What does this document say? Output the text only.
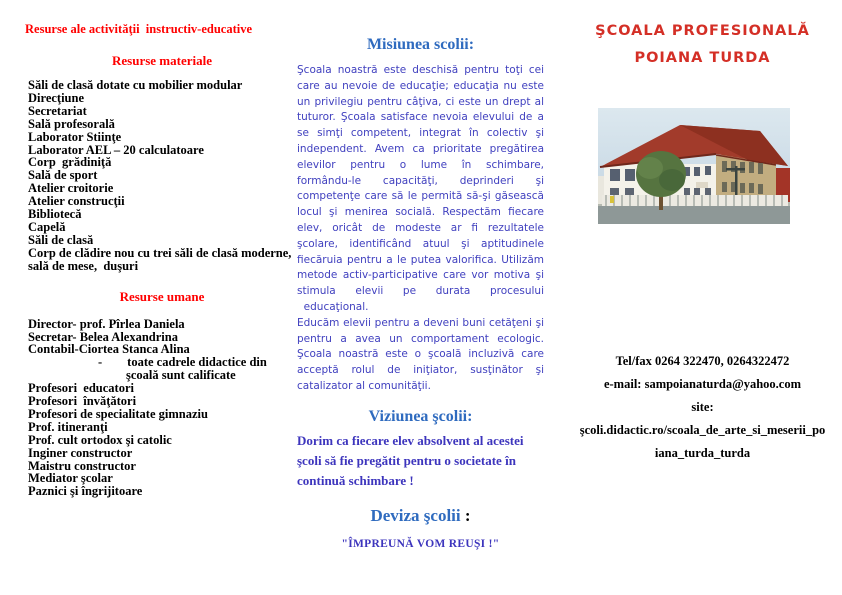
Resurse ale activităţii  instructiv-educative

Resurse materiale

Săli de clasă dotate cu mobilier modular
Direcţiune
Secretariat
Sală profesorală
Laborator Stiinţe
Laborator AEL – 20 calculatoare
Corp  grădiniţă
Sală de sport
Atelier croitorie
Atelier construcţii
Bibliotecă
Capelă
Săli de clasă
Corp de clădire nou cu trei săli de clasă moderne, sală de mese,  duşuri

Resurse umane

Director- prof. Pîrlea Daniela
Secretar- Belea Alexandrina
Contabil-Ciortea Stanca Alina
-        toate cadrele didactice din şcoală sunt calificate
Profesori  educatori
Profesori  învăţători
Profesori de specialitate gimnaziu
Prof. itineranţi
Prof. cult ortodox şi catolic
Inginer constructor
Maistru constructor
Mediator şcolar
Paznici şi îngrijitoare

Misiunea scolii:

Şcoala noastră este deschisă pentru toţi cei care au nevoie de educaţie; educaţia nu este un privilegiu pentru câţiva, ci este un drept al tuturor. Şcoala satisface nevoia elevului de a se simţi competent, integrat în colectiv şi independent. Avem ca prioritate pregătirea elevilor pentru o lume în schimbare, formându-le capacităţi, deprinderi şi competenţe care să le permită să-şi găsească locul şi menirea socială. Respectăm fiecare elev, oricât de modeste ar fi rezultatele şcolare, identificând atuul şi aptitudinele fiecăruia pentru a le putea valorifica. Utilizăm metode activ-participative care vor motiva şi stimula elevii pe durata procesului   educaţional.

Educăm elevii pentru a deveni buni cetăţeni şi pentru a avea un comportament ecologic. Şcoala noastră este o şcoală incluzivă care acceptă rolul de iniţiator, susţinător şi catalizator al comunităţii.

Viziunea şcolii:

Dorim ca fiecare elev absolvent al acestei şcoli să fie pregătit pentru o societate în continuă schimbare !

Deviza şcolii :

"ÎMPREUNĂ VOM REUŞI !"

ŞCOALA PROFESIONALĂ
POIANA TURDA

Tel/fax 0264 322470, 0264322472
e-mail: sampoianaturda@yahoo.com
site:
şcoli.didactic.ro/scoala_de_arte_si_meserii_po
iana_turda_turda
